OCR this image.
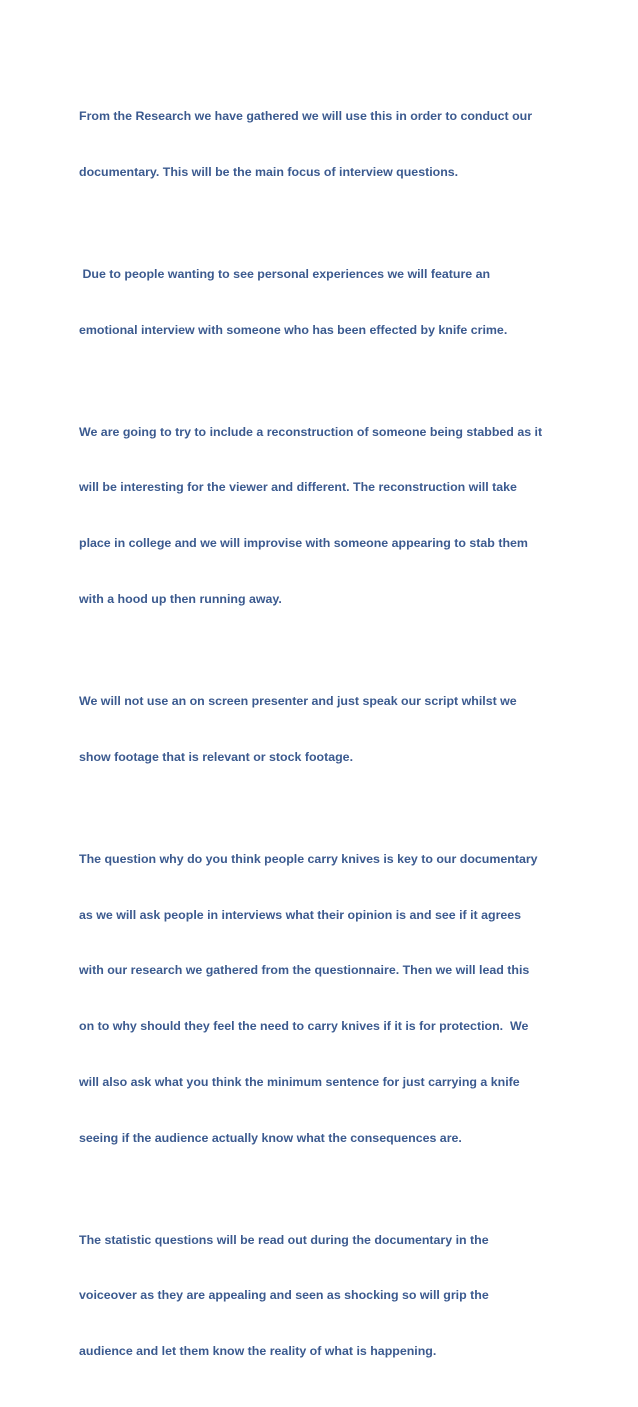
From the Research we have gathered we will use this in order to conduct our

documentary. This will be the main focus of interview questions.

Due to people wanting to see personal experiences we will feature an

emotional interview with someone who has been effected by knife crime.

We are going to try to include a reconstruction of someone being stabbed as it

will be interesting for the viewer and different. The reconstruction will take

place in college and we will improvise with someone appearing to stab them

with a hood up then running away.

We will not use an on screen presenter and just speak our script whilst we

show footage that is relevant or stock footage.

The question why do you think people carry knives is key to our documentary

as we will ask people in interviews what their opinion is and see if it agrees

with our research we gathered from the questionnaire. Then we will lead this

on to why should they feel the need to carry knives if it is for protection.  We

will also ask what you think the minimum sentence for just carrying a knife

seeing if the audience actually know what the consequences are.

The statistic questions will be read out during the documentary in the

voiceover as they are appealing and seen as shocking so will grip the

audience and let them know the reality of what is happening.
